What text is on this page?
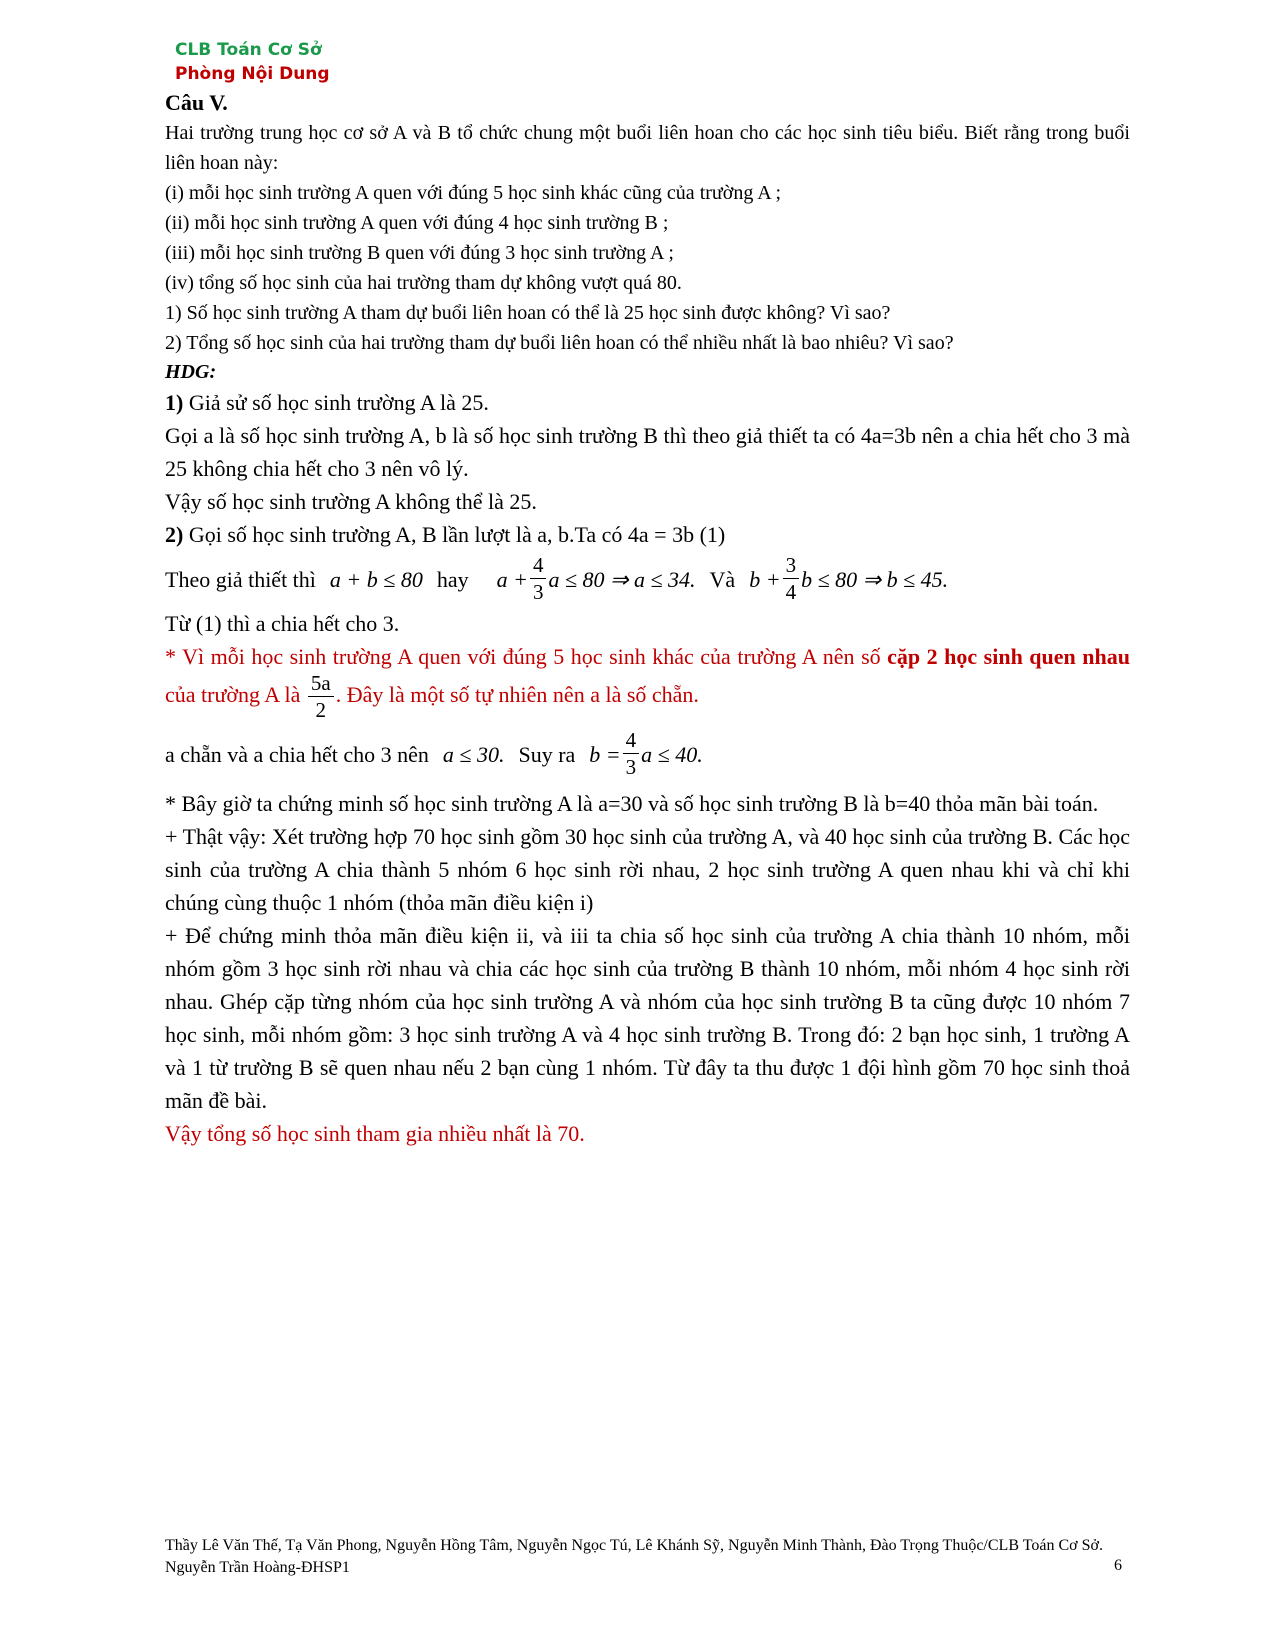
CLB Toán Cơ Sở
Phòng Nội Dung
Câu V.
Hai trường trung học cơ sở A và B tổ chức chung một buổi liên hoan cho các học sinh tiêu biểu. Biết rằng trong buổi liên hoan này:
(i) mỗi học sinh trường A quen với đúng 5 học sinh khác cũng của trường A ;
(ii) mỗi học sinh trường A quen với đúng 4 học sinh trường B ;
(iii) mỗi học sinh trường B quen với đúng 3 học sinh trường A ;
(iv) tổng số học sinh của hai trường tham dự không vượt quá 80.
1) Số học sinh trường A tham dự buổi liên hoan có thể là 25 học sinh được không? Vì sao?
2) Tổng số học sinh của hai trường tham dự buổi liên hoan có thể nhiều nhất là bao nhiêu? Vì sao?
HDG:
1) Giả sử số học sinh trường A là 25.
Gọi a là số học sinh trường A, b là số học sinh trường B thì theo giả thiết ta có 4a=3b nên a chia hết cho 3 mà 25 không chia hết cho 3 nên vô lý.
Vậy số học sinh trường A không thể là 25.
2) Gọi số học sinh trường A, B lần lượt là a, b.Ta có 4a = 3b (1)
Theo giả thiết thì a + b ≤ 80 hay $a + \frac{4}{3}$ a ≤ 80 ⇒ a ≤ 34. Và $b + \frac{3}{4}$ b ≤ 80 ⇒ b ≤ 45.
Từ (1) thì a chia hết cho 3.
* Vì mỗi học sinh trường A quen với đúng 5 học sinh khác của trường A nên số cặp 2 học sinh quen nhau của trường A là $\frac{5a}{2}$ . Đây là một số tự nhiên nên a là số chẵn.
a chẵn và a chia hết cho 3 nên a ≤ 30. Suy ra $b = \frac{4}{3}$ a ≤ 40.
* Bây giờ ta chứng minh số học sinh trường A là a=30 và số học sinh trường B là b=40 thỏa mãn bài toán.
+ Thật vậy: Xét trường hợp 70 học sinh gồm 30 học sinh của trường A, và 40 học sinh của trường B. Các học sinh của trường A chia thành 5 nhóm 6 học sinh rời nhau, 2 học sinh trường A quen nhau khi và chỉ khi chúng cùng thuộc 1 nhóm (thỏa mãn điều kiện i)
+ Để chứng minh thỏa mãn điều kiện ii, và iii ta chia số học sinh của trường A chia thành 10 nhóm, mỗi nhóm gồm 3 học sinh rời nhau và chia các học sinh của trường B thành 10 nhóm, mỗi nhóm 4 học sinh rời nhau. Ghép cặp từng nhóm của học sinh trường A và nhóm của học sinh trường B ta cũng được 10 nhóm 7 học sinh, mỗi nhóm gồm: 3 học sinh trường A và 4 học sinh trường B. Trong đó: 2 bạn học sinh, 1 trường A và 1 từ trường B sẽ quen nhau nếu 2 bạn cùng 1 nhóm. Từ đây ta thu được 1 đội hình gồm 70 học sinh thoả mãn đề bài.
Vậy tổng số học sinh tham gia nhiều nhất là 70.
Thầy Lê Văn Thế, Tạ Văn Phong, Nguyễn Hồng Tâm, Nguyễn Ngọc Tú, Lê Khánh Sỹ, Nguyễn Minh Thành, Đào Trọng Thuộc/CLB Toán Cơ Sở. Nguyễn Trần Hoàng-ĐHSP1	6
